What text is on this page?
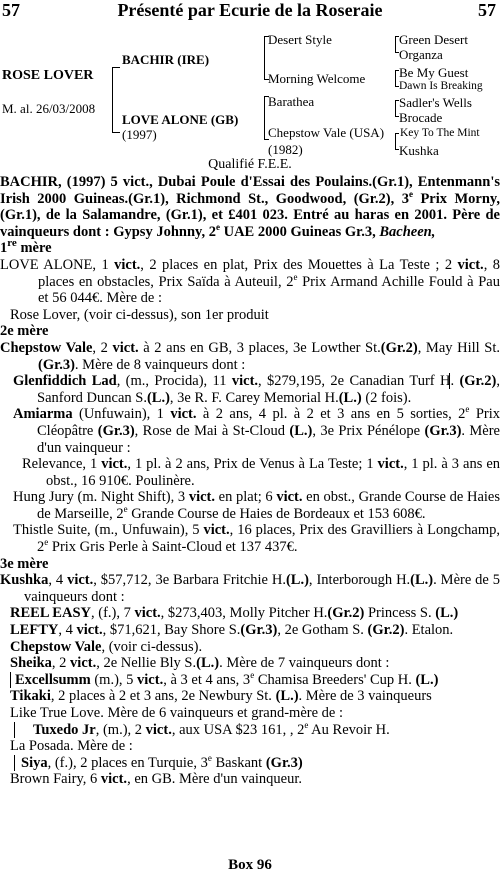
57	Présenté par Ecurie de la Roseraie	57
ROSE LOVER
M. al. 26/03/2008
BACHIR (IRE)
LOVE ALONE (GB)
(1997)
Desert Style
Morning Welcome
Barathea
Chepstow Vale (USA)
(1982)
Green Desert
Organza
Be My Guest
Dawn Is Breaking
Sadler's Wells
Brocade
Key To The Mint
Kushka
Qualifié F.E.E.

BACHIR, (1997) 5 vict., Dubai Poule d'Essai des Poulains.(Gr.1), Entenmann's Irish 2000 Guineas.(Gr.1), Richmond St., Goodwood, (Gr.2), 3e Prix Morny, (Gr.1), de la Salamandre, (Gr.1), et £401 023. Entré au haras en 2001. Père de vainqueurs dont : Gypsy Johnny, 2e UAE 2000 Guineas Gr.3, Bacheen,

1re mère

LOVE ALONE, 1 vict., 2 places en plat, Prix des Mouettes à La Teste ; 2 vict., 8 places en obstacles, Prix Saïda à Auteuil, 2e Prix Armand Achille Fould à Pau et 56 044€. Mère de :

Rose Lover, (voir ci-dessus), son 1er produit

2e mère

Chepstow Vale, 2 vict. à 2 ans en GB, 3 places, 3e Lowther St.(Gr.2), May Hill St.(Gr.3). Mère de 8 vainqueurs dont :

Glenfiddich Lad, (m., Procida), 11 vict., $279,195, 2e Canadian Turf H. (Gr.2), Sanford Duncan S.(L.), 3e R. F. Carey Memorial H.(L.) (2 fois).

Amiarma (Unfuwain), 1 vict. à 2 ans, 4 pl. à 2 et 3 ans en 5 sorties, 2e Prix Cléopâtre (Gr.3), Rose de Mai à St-Cloud (L.), 3e Prix Pénélope (Gr.3). Mère d'un vainqueur :

Relevance, 1 vict., 1 pl. à 2 ans, Prix de Venus à La Teste; 1 vict., 1 pl. à 3 ans en obst., 16 910€. Poulinère.

Hung Jury (m. Night Shift), 3 vict. en plat; 6 vict. en obst., Grande Course de Haies de Marseille, 2e Grande Course de Haies de Bordeaux et 153 608€.

Thistle Suite, (m., Unfuwain), 5 vict., 16 places, Prix des Gravilliers à Longchamp, 2e Prix Gris Perle à Saint-Cloud et 137 437€.

3e mère

Kushka, 4 vict., $57,712, 3e Barbara Fritchie H.(L.), Interborough H.(L.). Mère de 5 vainqueurs dont :

REEL EASY, (f.), 7 vict., $273,403, Molly Pitcher H.(Gr.2) Princess S. (L.)

LEFTY, 4 vict., $71,621, Bay Shore S.(Gr.3), 2e Gotham S. (Gr.2). Etalon.

Chepstow Vale, (voir ci-dessus).

Sheika, 2 vict., 2e Nellie Bly S.(L.). Mère de 7 vainqueurs dont :

Excellsumm (m.), 5 vict., à 3 et 4 ans, 3e Chamisa Breeders' Cup H. (L.)

Tikaki, 2 places à 2 et 3 ans, 2e Newbury St. (L.). Mère de 3 vainqueurs

Like True Love. Mère de 6 vainqueurs et grand-mère de :

Tuxedo Jr, (m.), 2 vict., aux USA $23 161, , 2e Au Revoir H.

La Posada. Mère de :

Siya, (f.), 2 places en Turquie, 3e Baskant (Gr.3)

Brown Fairy, 6 vict., en GB. Mère d'un vainqueur.

Box 96
